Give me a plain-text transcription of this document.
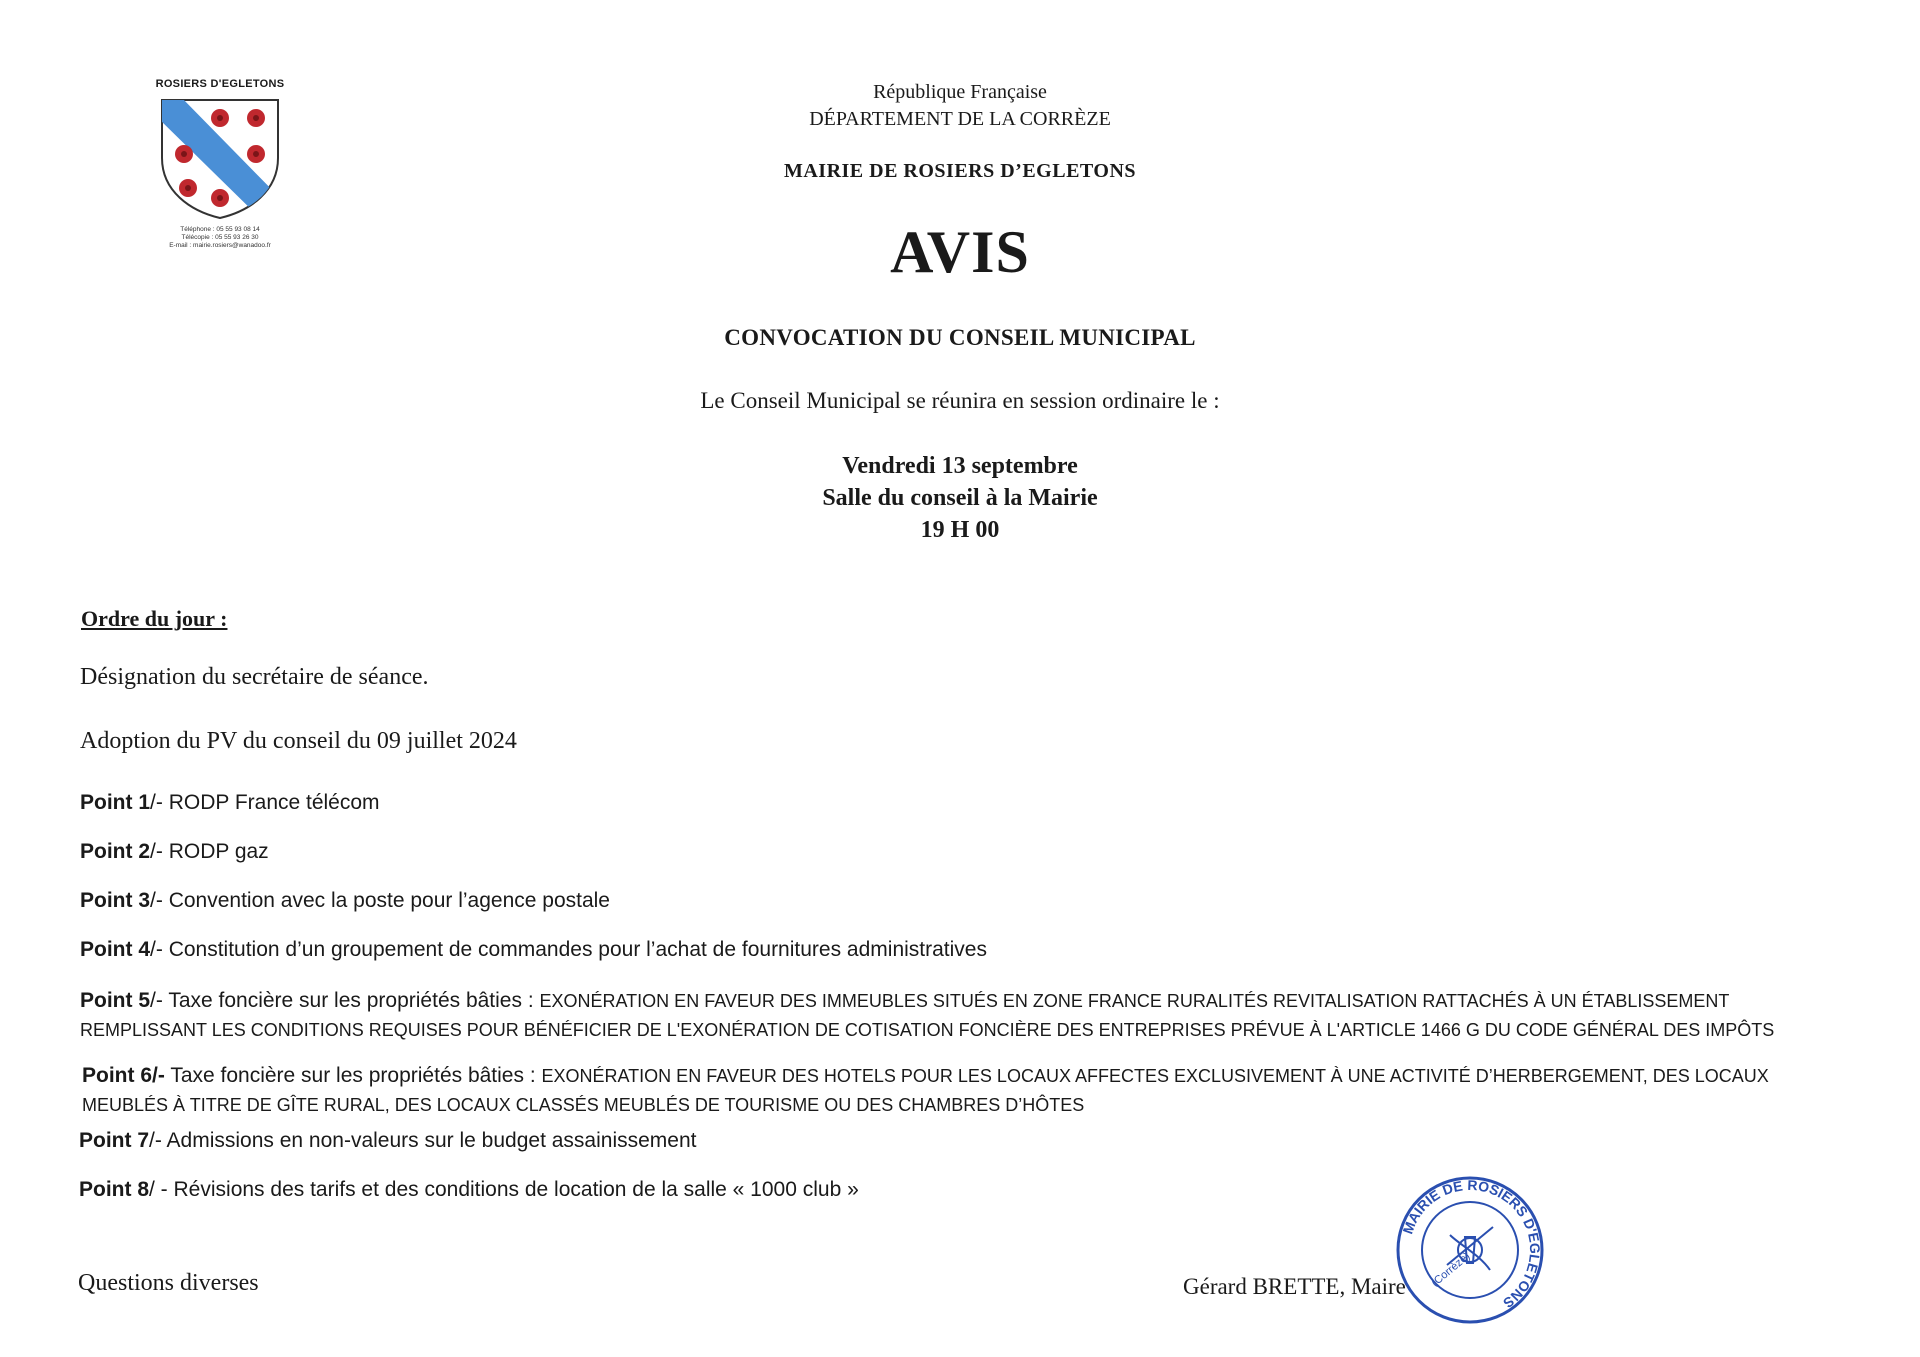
ROSIERS D'EGLETONS
Téléphone : 05 55 93 08 14
Télécopie : 05 55 93 26 30
E-mail : mairie.rosiers@wanadoo.fr
République Française
DÉPARTEMENT DE LA CORRÈZE
MAIRIE DE ROSIERS D’EGLETONS
AVIS
CONVOCATION DU CONSEIL MUNICIPAL
Le Conseil Municipal se réunira en session ordinaire le :
Vendredi 13 septembre
Salle du conseil à la Mairie
19 H 00
Ordre du jour :
Désignation du secrétaire de séance.
Adoption du PV du conseil du 09 juillet 2024
Point 1/- RODP France télécom
Point 2/- RODP gaz
Point 3/- Convention avec la poste pour l’agence postale
Point 4/- Constitution d’un groupement de commandes pour l’achat de fournitures administratives
Point 5/- Taxe foncière sur les propriétés bâties : EXONÉRATION EN FAVEUR DES IMMEUBLES SITUÉS EN ZONE FRANCE RURALITÉS REVITALISATION RATTACHÉS À UN ÉTABLISSEMENT
REMPLISSANT LES CONDITIONS REQUISES POUR BÉNÉFICIER DE L'EXONÉRATION DE COTISATION FONCIÈRE DES ENTREPRISES PRÉVUE À L'ARTICLE 1466 G DU CODE GÉNÉRAL DES IMPÔTS
Point 6/- Taxe foncière sur les propriétés bâties : EXONÉRATION EN FAVEUR DES HOTELS POUR LES LOCAUX AFFECTES EXCLUSIVEMENT À UNE ACTIVITÉ D’HERBERGEMENT, DES LOCAUX
MEUBLÉS À TITRE DE GÎTE RURAL, DES LOCAUX CLASSÉS MEUBLÉS DE TOURISME OU DES CHAMBRES D’HÔTES
Point 7/- Admissions en non-valeurs sur le budget assainissement
Point 8/ - Révisions des tarifs et des conditions de location de la salle « 1000 club »
Questions diverses	Gérard BRETTE, Maire
MAIRIE DE ROSIERS D'EGLETONS
(Corrèze)
